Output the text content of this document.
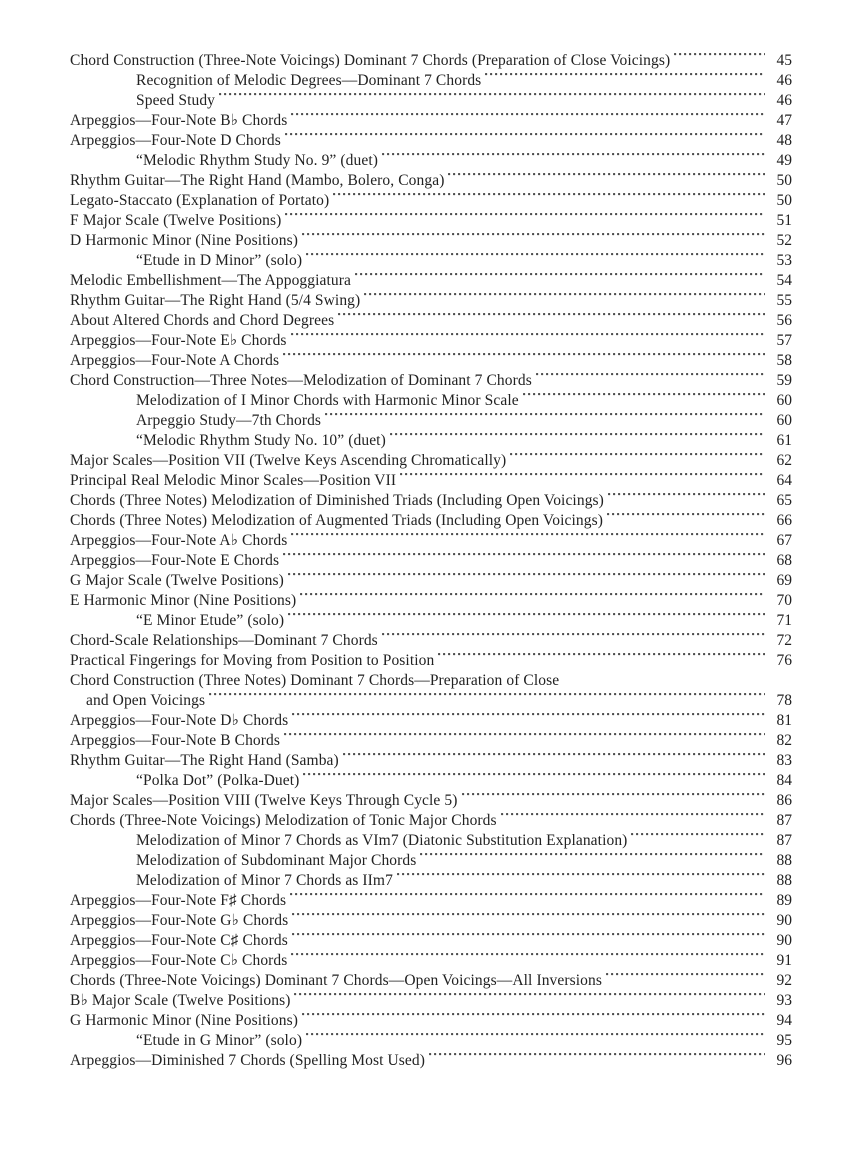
Chord Construction (Three-Note Voicings) Dominant 7 Chords (Preparation of Close Voicings)	45
Recognition of Melodic Degrees—Dominant 7 Chords	46
Speed Study	46
Arpeggios—Four-Note B♭ Chords	47
Arpeggios—Four-Note D Chords	48
“Melodic Rhythm Study No. 9” (duet)	49
Rhythm Guitar—The Right Hand (Mambo, Bolero, Conga)	50
Legato-Staccato (Explanation of Portato)	50
F Major Scale (Twelve Positions)	51
D Harmonic Minor (Nine Positions)	52
“Etude in D Minor” (solo)	53
Melodic Embellishment—The Appoggiatura	54
Rhythm Guitar—The Right Hand (5/4 Swing)	55
About Altered Chords and Chord Degrees	56
Arpeggios—Four-Note E♭ Chords	57
Arpeggios—Four-Note A Chords	58
Chord Construction—Three Notes—Melodization of Dominant 7 Chords	59
Melodization of I Minor Chords with Harmonic Minor Scale	60
Arpeggio Study—7th Chords	60
“Melodic Rhythm Study No. 10” (duet)	61
Major Scales—Position VII (Twelve Keys Ascending Chromatically)	62
Principal Real Melodic Minor Scales—Position VII	64
Chords (Three Notes) Melodization of Diminished Triads (Including Open Voicings)	65
Chords (Three Notes) Melodization of Augmented Triads (Including Open Voicings)	66
Arpeggios—Four-Note A♭ Chords	67
Arpeggios—Four-Note E Chords	68
G Major Scale (Twelve Positions)	69
E Harmonic Minor (Nine Positions)	70
“E Minor Etude” (solo)	71
Chord-Scale Relationships—Dominant 7 Chords	72
Practical Fingerings for Moving from Position to Position	76
Chord Construction (Three Notes) Dominant 7 Chords—Preparation of Close
and Open Voicings	78
Arpeggios—Four-Note D♭ Chords	81
Arpeggios—Four-Note B Chords	82
Rhythm Guitar—The Right Hand (Samba)	83
“Polka Dot” (Polka-Duet)	84
Major Scales—Position VIII (Twelve Keys Through Cycle 5)	86
Chords (Three-Note Voicings) Melodization of Tonic Major Chords	87
Melodization of Minor 7 Chords as VIm7 (Diatonic Substitution Explanation)	87
Melodization of Subdominant Major Chords	88
Melodization of Minor 7 Chords as IIm7	88
Arpeggios—Four-Note F♯ Chords	89
Arpeggios—Four-Note G♭ Chords	90
Arpeggios—Four-Note C♯ Chords	90
Arpeggios—Four-Note C♭ Chords	91
Chords (Three-Note Voicings) Dominant 7 Chords—Open Voicings—All Inversions	92
B♭ Major Scale (Twelve Positions)	93
G Harmonic Minor (Nine Positions)	94
“Etude in G Minor” (solo)	95
Arpeggios—Diminished 7 Chords (Spelling Most Used)	96
